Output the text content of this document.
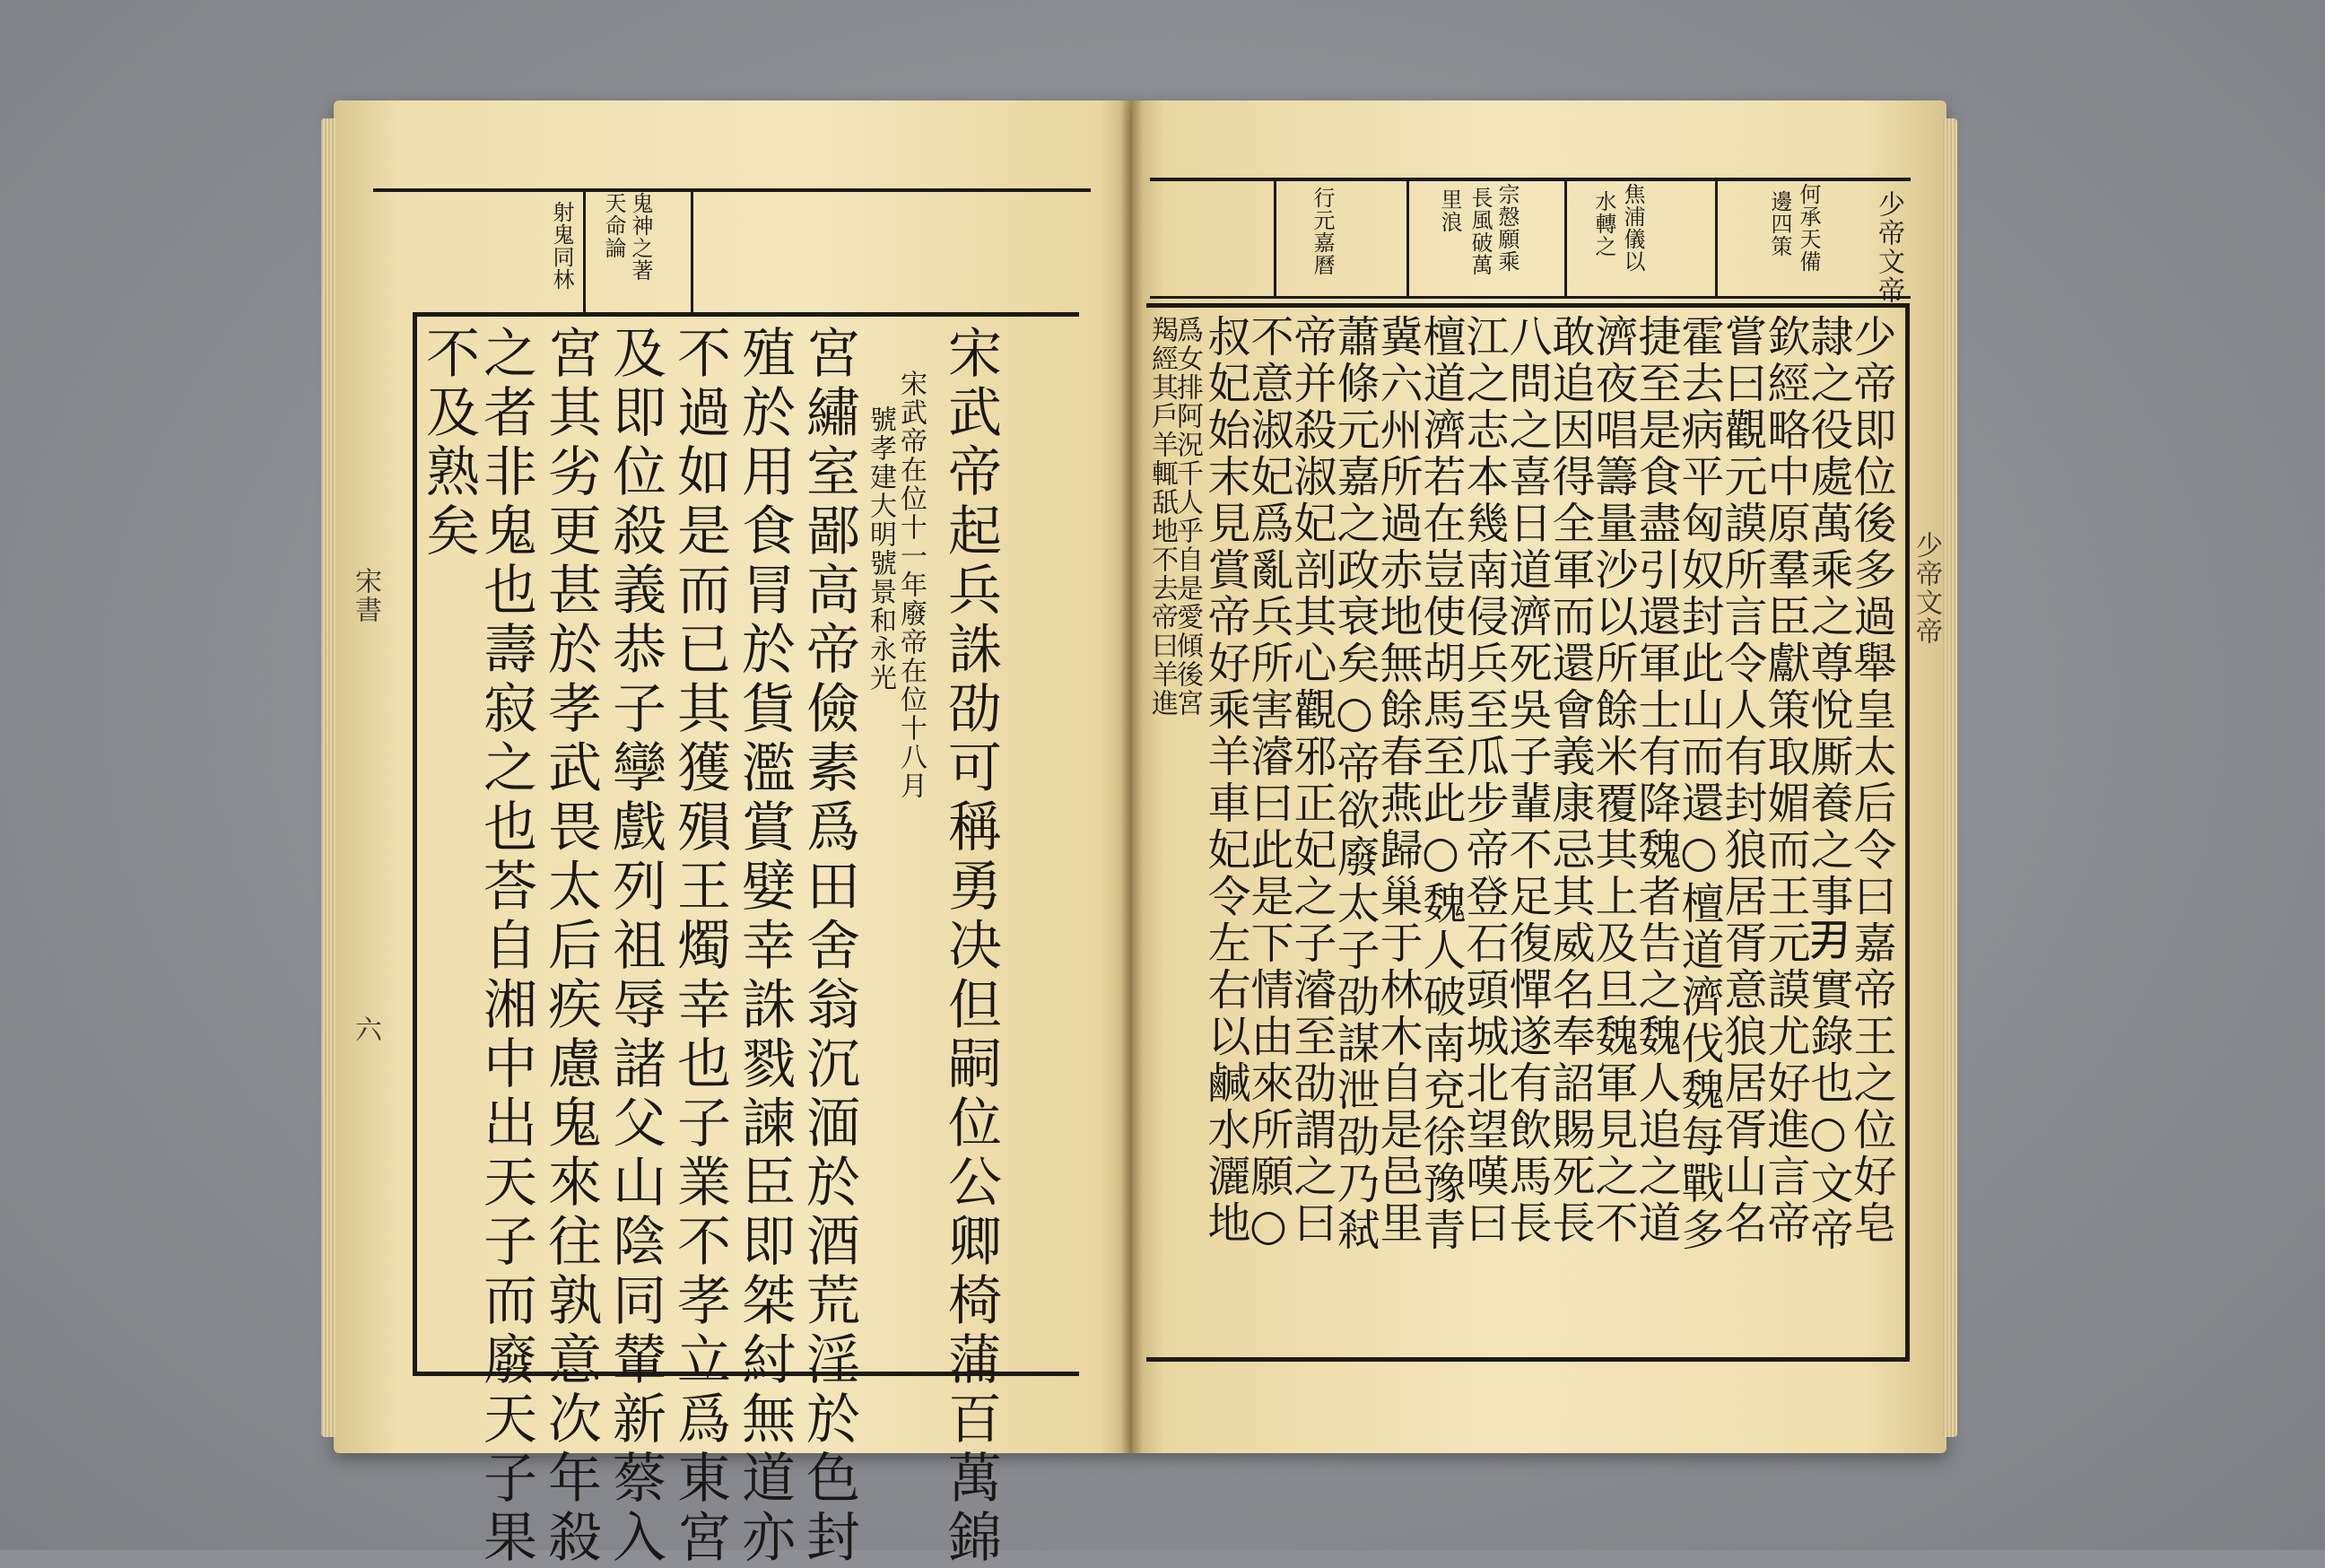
鬼神之著
天命論
射鬼同林
宋武帝起兵誅劭可稱勇决但嗣位公卿椅蒲百萬錦
宋武帝在位十一年廢帝在位十八月
號孝建大明號景和永光
宮繡室鄙高帝儉素爲田舍翁沉湎於酒荒淫於色封
殖於用食冐於貨濫賞嬖幸誅戮諫臣即桀紂無道亦
不過如是而已其獲殞王燭幸也子業不孝立爲東宮
及即位殺義恭子孿戲列祖辱諸父山陰同輦新蔡入
宮其劣更甚於孝武畏太后疾慮鬼來往孰意次年殺
之者非鬼也壽寂之也荅自湘中出天子而廢天子果
不及熟矣
宋書
六
何承天備
邊四策
焦浦儀以
水轉之
宗慤願乘
長風破萬
里浪
行元嘉曆	少帝文帝
少帝即位後多過舉皇太后令曰嘉帝王之位好皂
隷之役處萬乘之尊悅厮養之事𭃂實錄也○文帝
欽經略中原羣臣獻策取媚而王元謨尤好進言帝
嘗曰觀元謨所言令人有封狼居胥意狼居胥山名
霍去病平匈奴封此山而還○檀道濟伐魏每戰多
捷至是食盡引還軍士有降魏者告之魏人追之道
濟夜唱籌量沙以所餘米覆其上及旦魏軍見之不
敢追因得全軍而還會義康忌其威名奉詔賜死長
八問之喜日道濟死吳子輩不足復憚遂有飲馬長
江之志本幾南侵兵至瓜步帝登石頭城北望嘆曰
檀道濟若在豈使胡馬至此○魏人破南兗徐豫青
冀六州所過赤地無餘春燕歸巢于林木自是邑里
蕭條元嘉之政衰矣○帝欲廢太子劭謀泄劭乃弒
帝并殺淑妃剖其心觀邪正妃之子濬至劭謂之曰
不意淑妃爲亂兵所害濬曰此是下情由來所願○
叔妃始末見賞帝好乘羊車妃令左右以鹹水灑地
爲女排阿況千人乎自是愛傾後宮
羯經其戶羊輒舐地不去帝曰羊進	少帝文帝
